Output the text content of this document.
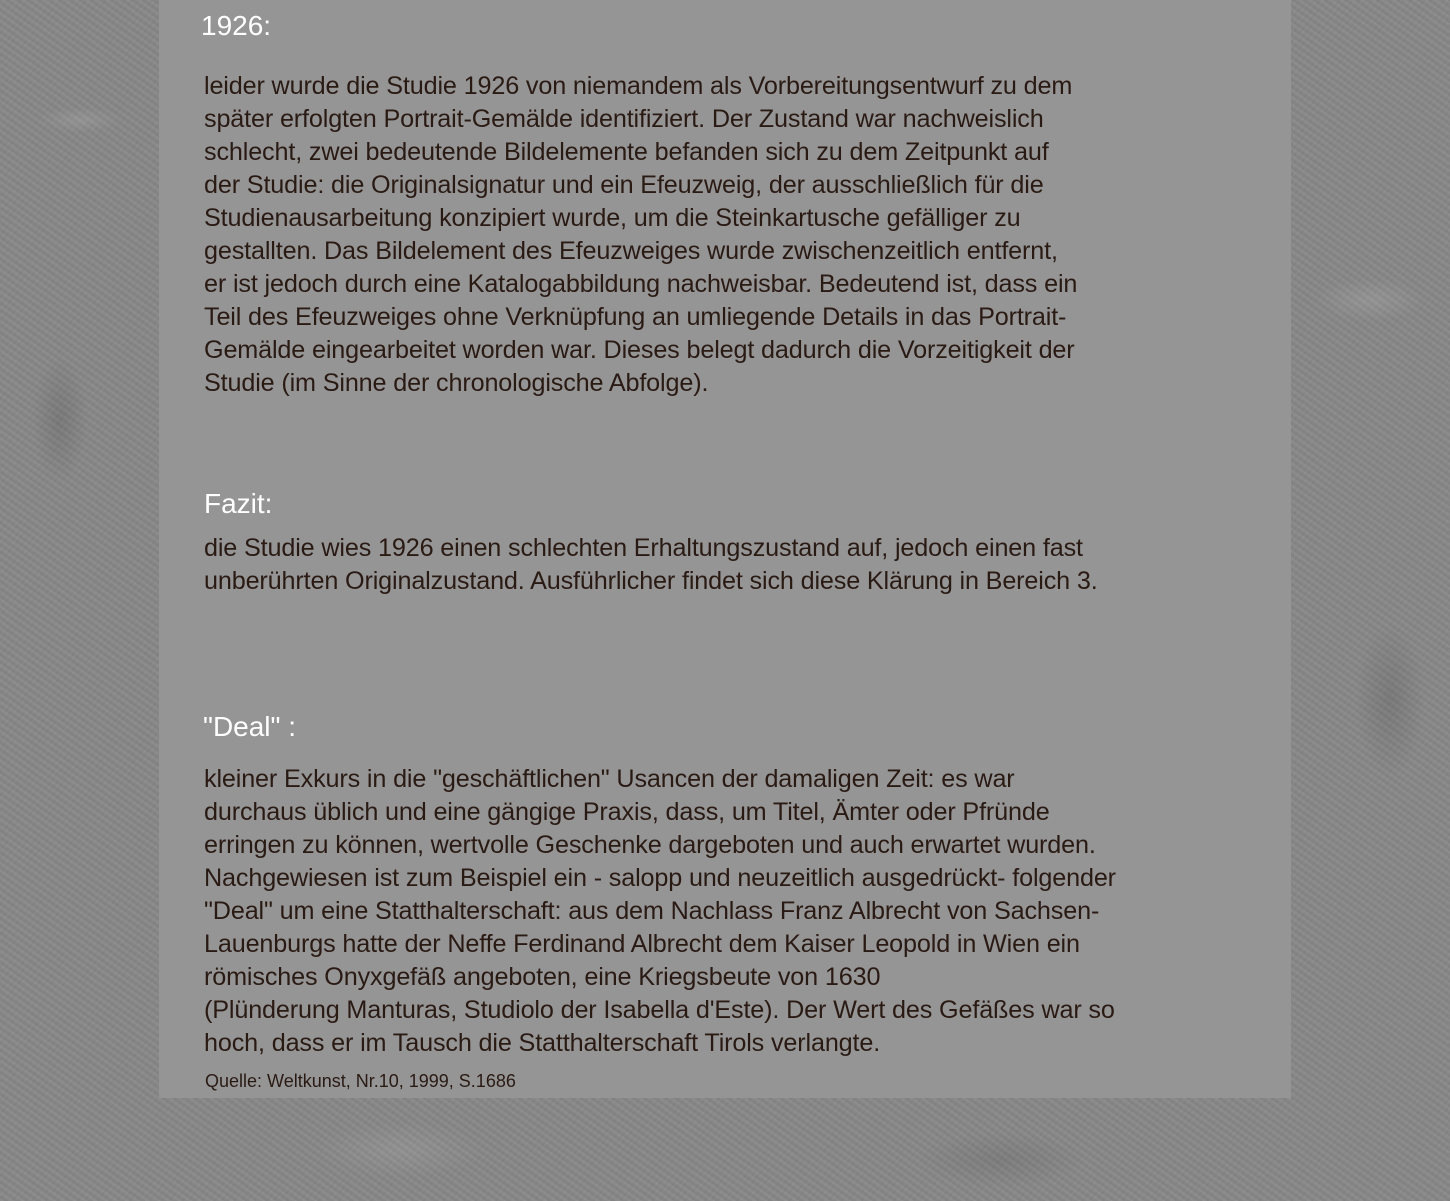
1926:
leider wurde die Studie 1926 von niemandem als Vorbereitungsentwurf zu dem
später erfolgten Portrait-Gemälde identifiziert. Der Zustand war nachweislich
schlecht, zwei bedeutende Bildelemente befanden sich zu dem Zeitpunkt auf
der Studie: die Originalsignatur und ein Efeuzweig, der ausschließlich für die
Studienausarbeitung konzipiert wurde, um die Steinkartusche gefälliger zu
gestallten. Das Bildelement des Efeuzweiges wurde zwischenzeitlich entfernt,
er ist jedoch durch eine Katalogabbildung nachweisbar. Bedeutend ist, dass ein
Teil des Efeuzweiges ohne Verknüpfung an umliegende Details in das Portrait-
Gemälde eingearbeitet worden war. Dieses belegt dadurch die Vorzeitigkeit der
Studie (im Sinne der chronologische Abfolge).
Fazit:
die Studie wies 1926 einen schlechten Erhaltungszustand auf, jedoch einen fast
unberührten Originalzustand. Ausführlicher findet sich diese Klärung in Bereich 3.
"Deal" :
kleiner Exkurs in die "geschäftlichen" Usancen der damaligen Zeit: es war
durchaus üblich und eine gängige Praxis, dass, um Titel, Ämter oder Pfründe
erringen zu können, wertvolle Geschenke dargeboten und auch erwartet wurden.
Nachgewiesen ist zum Beispiel ein - salopp und neuzeitlich ausgedrückt- folgender
"Deal" um eine Statthalterschaft: aus dem Nachlass Franz Albrecht von Sachsen-
Lauenburgs hatte der Neffe Ferdinand Albrecht dem Kaiser Leopold in Wien ein
römisches Onyxgefäß angeboten, eine Kriegsbeute von 1630
(Plünderung Manturas, Studiolo der Isabella d'Este). Der Wert des Gefäßes war so
hoch, dass er im Tausch die Statthalterschaft Tirols verlangte.

Quelle: Weltkunst, Nr.10, 1999, S.1686
